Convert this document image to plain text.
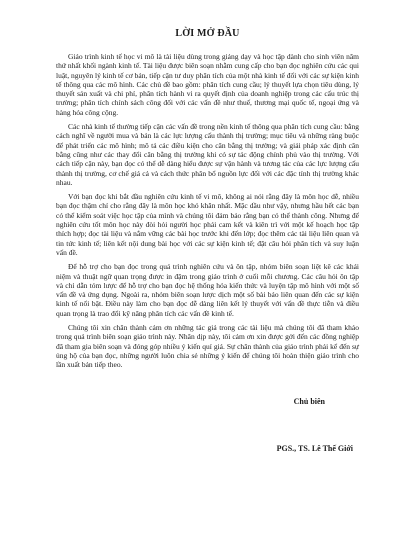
LỜI MỞ ĐẦU

Giáo trình kinh tế học vi mô là tài liệu dùng trong giảng dạy và học tập dành cho sinh viên năm thứ nhất khối ngành kinh tế. Tài liệu được biên soạn nhằm cung cấp cho bạn đọc nghiên cứu các qui luật, nguyên lý kinh tế cơ bản, tiếp cận tư duy phân tích của một nhà kinh tế đối với các sự kiện kinh tế thông qua các mô hình. Các chủ đề bao gồm: phân tích cung cầu; lý thuyết lựa chọn tiêu dùng, lý thuyết sản xuất và chi phí, phân tích hành vi ra quyết định của doanh nghiệp trong các cấu trúc thị trường; phân tích chính sách công đối với các vấn đề như thuế, thương mại quốc tế, ngoại ứng và hàng hóa công cộng.

Các nhà kinh tế thường tiếp cận các vấn đề trong nền kinh tế thông qua phân tích cung cầu: bằng cách nghĩ về người mua và bán là các lực lượng cấu thành thị trường; mục tiêu và những ràng buộc để phát triển các mô hình; mô tả các điều kiện cho cân bằng thị trường; và giải pháp xác định cân bằng cũng như các thay đổi cân bằng thị trường khi có sự tác động chính phủ vào thị trường. Với cách tiếp cận này, bạn đọc có thể dễ dàng hiểu được sự vận hành và tương tác của các lực lượng cấu thành thị trường, cơ chế giá cả và cách thức phân bổ nguồn lực đối với các đặc tính thị trường khác nhau.

Với bạn đọc khi bắt đầu nghiên cứu kinh tế vi mô, không ai nói rằng đây là môn học dễ, nhiều bạn đọc thậm chí cho rằng đây là môn học khó khăn nhất. Mặc dầu như vậy, nhưng hầu hết các bạn có thể kiểm soát việc học tập của mình và chúng tôi đảm bảo rằng bạn có thể thành công. Nhưng để nghiên cứu tốt môn học này đòi hỏi người học phải cam kết và kiên trì với một kế hoạch học tập thích hợp; đọc tài liệu và nắm vững các bài học trước khi đến lớp; đọc thêm các tài liệu liên quan và tin tức kinh tế; liên kết nội dung bài học với các sự kiện kinh tế; đặt câu hỏi phân tích và suy luận vấn đề.

Để hỗ trợ cho bạn đọc trong quá trình nghiên cứu và ôn tập, nhóm biên soạn liệt kê các khái niệm và thuật ngữ quan trọng được in đậm trong giáo trình ở cuối mỗi chương. Các câu hỏi ôn tập và chỉ dẫn tóm lược để hỗ trợ cho bạn đọc hệ thống hóa kiến thức và luyện tập mô hình với một số vấn đề và ứng dụng. Ngoài ra, nhóm biên soạn lược dịch một số bài báo liên quan đến các sự kiện kinh tế nổi bật. Điều này làm cho bạn đọc dễ dàng liên kết lý thuyết với vấn đề thực tiễn và điều quan trọng là trao đổi kỹ năng phân tích các vấn đề kinh tế.

Chúng tôi xin chân thành cảm ơn những tác giả trong các tài liệu mà chúng tôi đã tham khảo trong quá trình biên soạn giáo trình này. Nhân dịp này, tôi cảm ơn xin được gởi đến các đồng nghiệp đã tham gia biên soạn và đóng góp nhiều ý kiến quí giá. Sự chân thành của giáo trình phải kể đến sự ủng hộ của bạn đọc, những người luôn chia sẻ những ý kiến để chúng tôi hoàn thiện giáo trình cho lần xuất bản tiếp theo.

Chủ biên
PGS., TS. Lê Thế Giới
